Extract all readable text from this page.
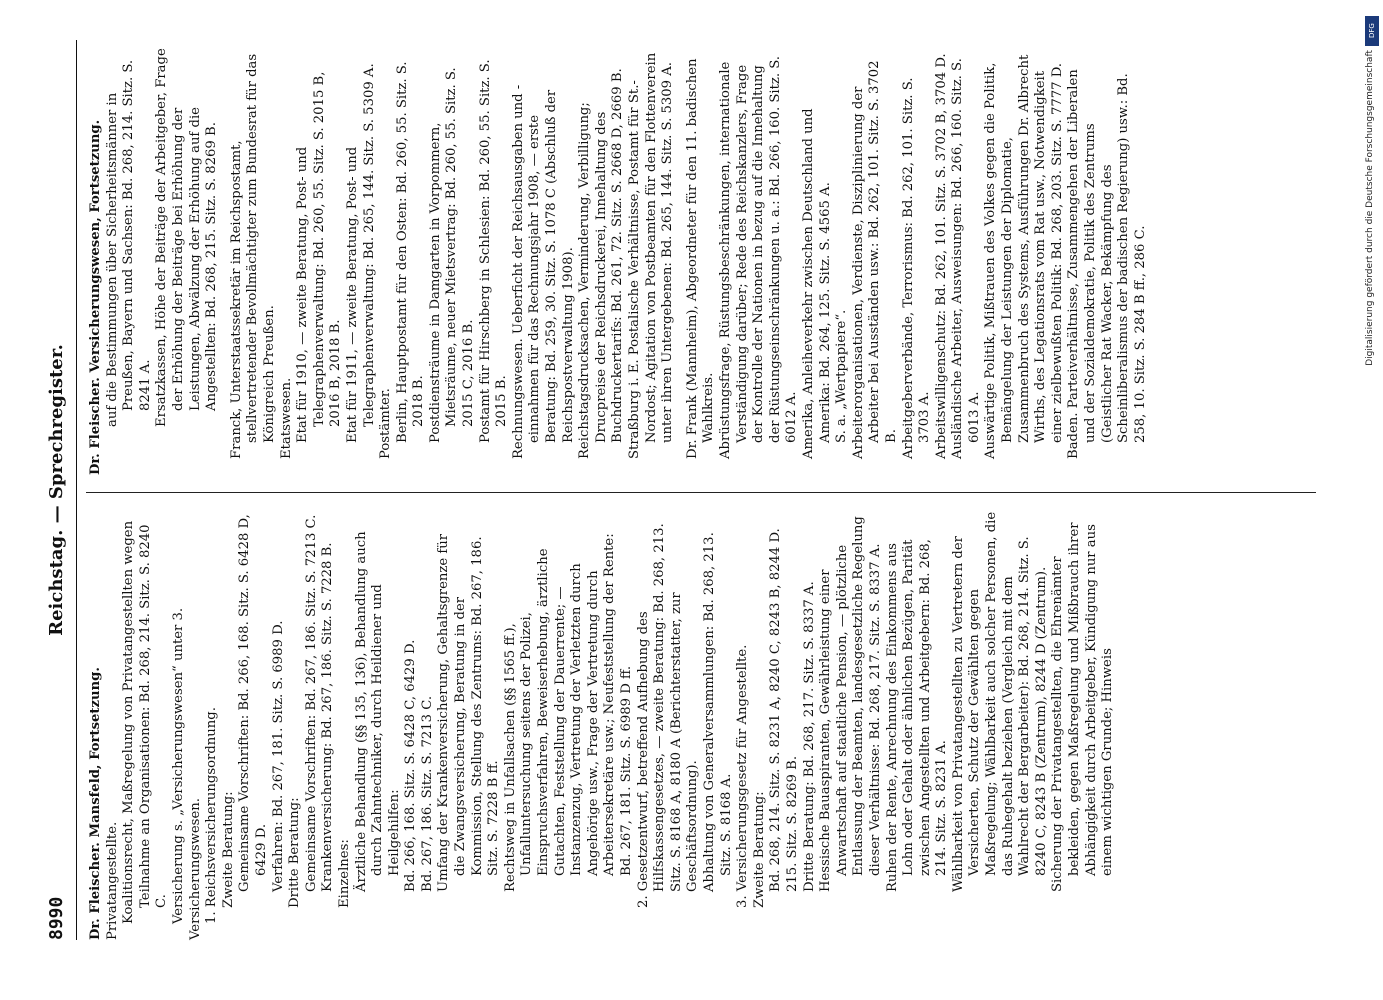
8990
Reichstag. — Sprechregister.

Dr. Fleischer. Mansfeld, Fortsetzung. Privatangestellte. Koalitionsrecht, Maßregelung von Privatangestellten wegen Teilnahme an Organisationen: Bd. 268, 214. Sitz. S. 8240 C. Versicherung s. „Versicherungswesen“ unter 3. Versicherungswesen. 1. Reichsversicherungsordnung. Zweite Beratung: Gemeinsame Vorschriften: Bd. 266, 168. Sitz. S. 6428 D, 6429 D. Verfahren: Bd. 267, 181. Sitz. S. 6989 D. Dritte Beratung: Gemeinsame Vorschriften: Bd. 267, 186. Sitz. S. 7213 C. Krankenversicherung: Bd. 267, 186. Sitz. S. 7228 B. Einzelnes: Ärztliche Behandlung (§§ 135, 136), Behandlung auch durch Zahntechniker, durch Heildiener und Heilgehilfen: Bd. 266, 168. Sitz. S. 6428 C, 6429 D. Bd. 267, 186. Sitz. S. 7213 C. Umfang der Krankenversicherung, Gehaltsgrenze für die Zwangsversicherung, Beratung in der Kommission, Stellung des Zentrums: Bd. 267, 186. Sitz. S. 7228 B ff. Rechtsweg in Unfallsachen (§§ 1565 ff.), Unfalluntersuchung seitens der Polizei, Einspruchsverfahren, Beweiserhebung, ärztliche Gutachten, Feststellung der Dauerrente; — Instanzenzug, Vertretung der Verletzten durch Angehörige usw., Frage der Vertretung durch Arbeitersekretäre usw.; Neufeststellung der Rente: Bd. 267, 181. Sitz. S. 6989 D ff. 2. Gesetzentwurf, betreffend Aufhebung des Hilfskassengesetzes, — zweite Beratung: Bd. 268, 213. Sitz. S. 8168 A, 8180 A (Berichterstatter, zur Geschäftsordnung). Abhaltung von Generalversammlungen: Bd. 268, 213. Sitz. S. 8168 A. 3. Versicherungsgesetz für Angestellte. Zweite Beratung: Bd. 268, 214. Sitz. S. 8231 A, 8240 C, 8243 B, 8244 D. 215. Sitz. S. 8269 B. Dritte Beratung: Bd. 268, 217. Sitz. S. 8337 A. Hessische Bauaspiranten, Gewährleistung einer Anwartschaft auf staatliche Pension, — plötzliche Entlassung der Beamten, landesgesetzliche Regelung dieser Verhältnisse: Bd. 268, 217. Sitz. S. 8337 A. Ruhen der Rente, Anrechnung des Einkommens aus Lohn oder Gehalt oder ähnlichen Bezügen, Parität zwischen Angestellten und Arbeitgebern: Bd. 268, 214. Sitz. S. 8231 A. Wählbarkeit von Privatangestellten zu Vertretern der Versicherten, Schutz der Gewählten gegen Maßregelung; Wählbarkeit auch solcher Personen, die das Ruhegehalt beziehen (Vergleich mit dem Wahlrecht der Bergarbeiter): Bd. 268, 214. Sitz. S. 8240 C, 8243 B (Zentrum), 8244 D (Zentrum). Sicherung der Privatangestellten, die Ehrenämter bekleiden, gegen Maßregelung und Mißbrauch ihrer Abhängigkeit durch Arbeitgeber, Kündigung nur aus einem wichtigen Grunde; Hinweis

Dr. Fleischer. Versicherungswesen, Fortsetzung. auf die Bestimmungen über Sicherheitsmänner in Preußen, Bayern und Sachsen: Bd. 268, 214. Sitz. S. 8241 A. Ersatzkassen, Höhe der Beiträge der Arbeitgeber, Frage der Erhöhung der Beiträge bei Erhöhung der Leistungen, Abwälzung der Erhöhung auf die Angestellten: Bd. 268, 215. Sitz. S. 8269 B. Franck, Unterstaatssekretär im Reichspostamt, stellvertretender Bevollmächtigter zum Bundesrat für das Königreich Preußen. Etatswesen. Etat für 1910, — zweite Beratung, Post- und Telegraphenverwaltung: Bd. 260, 55. Sitz. S. 2015 B, 2016 B, 2018 B. Etat für 1911, — zweite Beratung, Post- und Telegraphenverwaltung: Bd. 265, 144. Sitz. S. 5309 A. Postämter. Berlin, Hauptpostamt für den Osten: Bd. 260, 55. Sitz. S. 2018 B. Postdiensträume in Damgarten in Vorpommern, Mietsräume, neuer Mietsvertrag: Bd. 260, 55. Sitz. S. 2015 C, 2016 B. Postamt für Hirschberg in Schlesien: Bd. 260, 55. Sitz. S. 2015 B. Rechnungswesen. Ueberficht der Reichsausgaben und -einnahmen für das Rechnungsjahr 1908, — erste Beratung: Bd. 259, 30. Sitz. S. 1078 C (Abschluß der Reichspostverwaltung 1908). Reichstagsdrucksachen, Verminderung, Verbilligung; Drucpreise der Reichsdruckerei, Innehaltung des Buchdruckertarifs: Bd. 261, 72. Sitz. S. 2668 D, 2669 B. Straßburg i. E. Postalische Verhältnisse, Postamt für St.-Nordost; Agitation von Postbeamten für den Flottenverein unter ihren Untergebenen: Bd. 265, 144. Sitz. S. 5309 A. Dr. Frank (Mannheim), Abgeordneter für den 11. badischen Wahlkreis. Abrüstungsfrage, Rüstungsbeschränkungen, internationale Verständigung darüber; Rede des Reichskanzlers, Frage der Kontrolle der Nationen in bezug auf die Innehaltung der Rüstungseinschränkungen u. a.: Bd. 266, 160. Sitz. S. 6012 A. Amerika, Anleiheverkehr zwischen Deutschland und Amerika: Bd. 264, 125. Sitz. S. 4565 A. S. a. „Wertpapiere“. Arbeiterorganisationen, Verdienste, Disziplinierung der Arbeiter bei Ausständen usw.: Bd. 262, 101. Sitz. S. 3702 B. Arbeitgeberverbände, Terrorismus: Bd. 262, 101. Sitz. S. 3703 A. Arbeitswilligenschutz: Bd. 262, 101. Sitz. S. 3702 B, 3704 D. Ausländische Arbeiter, Ausweisungen: Bd. 266, 160. Sitz. S. 6013 A. Auswärtige Politik, Mißtrauen des Volkes gegen die Politik, Bemängelung der Leistungen der Diplomatie, Zusammenbruch des Systems, Ausführungen Dr. Albrecht Wirths, des Legationsrats vom Rat usw., Notwendigkeit einer zielbewußten Politik: Bd. 268, 203. Sitz. S. 7777 D. Baden. Parteiverhältnisse, Zusammengehen der Liberalen und der Sozialdemokratie, Politik des Zentrums (Geistlicher Rat Wacker, Bekämpfung des Scheinliberalismus der badischen Regierung) usw.: Bd. 258, 10. Sitz. S. 284 B ff., 286 C.

DFG
Digitalisierung gefördert durch die Deutsche Forschungsgemeinschaft
